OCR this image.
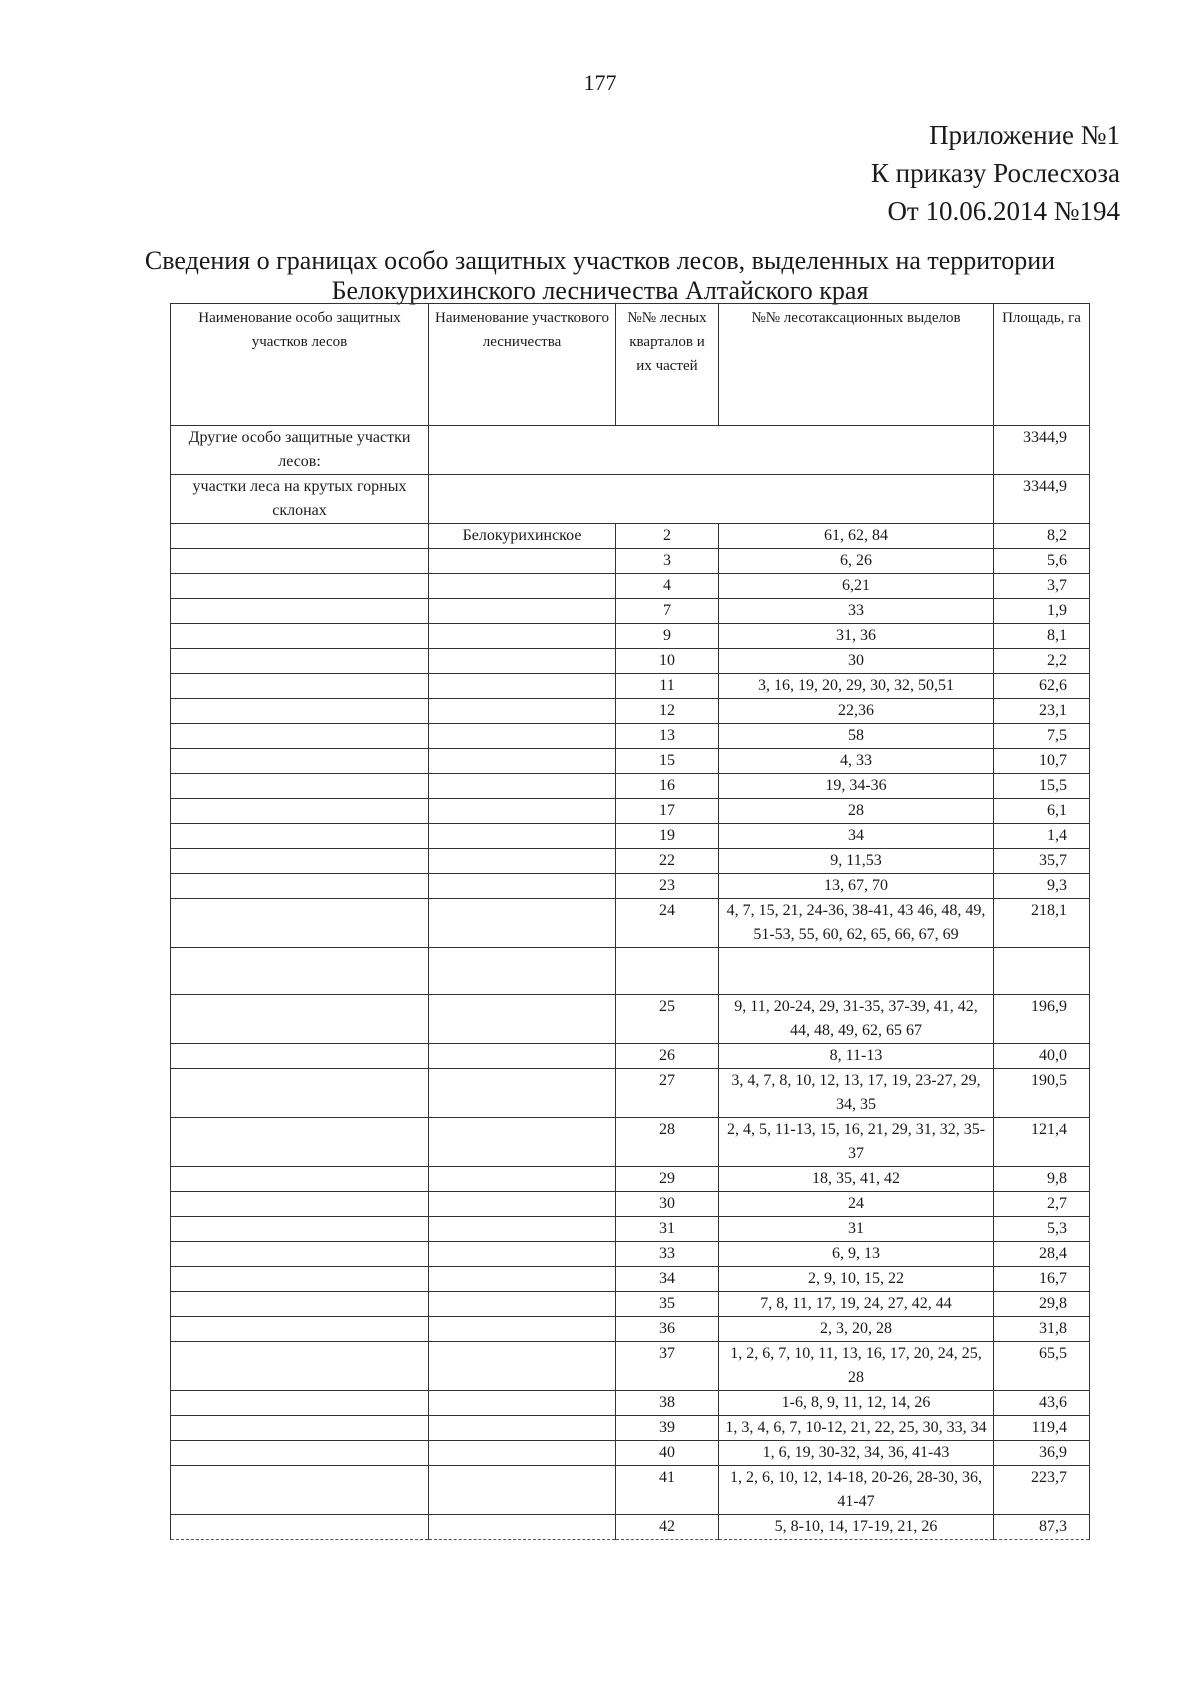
177
Приложение №1
К приказу Рослесхоза
От 10.06.2014 №194
Сведения о границах особо защитных участков лесов, выделенных на территории
Белокурихинского лесничества Алтайского края
Наименование особо защитных участков лесов	Наименование участкового лесничества	№№ лесных кварталов и их частей	№№ лесотаксационных выделов	Площадь, га
Другие особо защитные участки лесов:				3344,9
участки леса на крутых горных склонах				3344,9
	Белокурихинское	2	61, 62, 84	8,2
		3	6, 26	5,6
		4	6,21	3,7
		7	33	1,9
		9	31, 36	8,1
		10	30	2,2
		11	3, 16, 19, 20, 29, 30, 32, 50,51	62,6
		12	22,36	23,1
		13	58	7,5
		15	4, 33	10,7
		16	19, 34-36	15,5
		17	28	6,1
		19	34	1,4
		22	9, 11,53	35,7
		23	13, 67, 70	9,3
		24	4, 7, 15, 21, 24-36, 38-41, 43 46, 48, 49, 51-53, 55, 60, 62, 65, 66, 67, 69	218,1

		25	9, 11, 20-24, 29, 31-35, 37-39, 41, 42, 44, 48, 49, 62, 65 67	196,9
		26	8, 11-13	40,0
		27	3, 4, 7, 8, 10, 12, 13, 17, 19, 23-27, 29, 34, 35	190,5
		28	2, 4, 5, 11-13, 15, 16, 21, 29, 31, 32, 35-37	121,4
		29	18, 35, 41, 42	9,8
		30	24	2,7
		31	31	5,3
		33	6, 9, 13	28,4
		34	2, 9, 10, 15, 22	16,7
		35	7, 8, 11, 17, 19, 24, 27, 42, 44	29,8
		36	2, 3, 20, 28	31,8
		37	1, 2, 6, 7, 10, 11, 13, 16, 17, 20, 24, 25, 28	65,5
		38	1-6, 8, 9, 11, 12, 14, 26	43,6
		39	1, 3, 4, 6, 7, 10-12, 21, 22, 25, 30, 33, 34	119,4
		40	1, 6, 19, 30-32, 34, 36, 41-43	36,9
		41	1, 2, 6, 10, 12, 14-18, 20-26, 28-30, 36, 41-47	223,7
		42	5, 8-10, 14, 17-19, 21, 26	87,3
